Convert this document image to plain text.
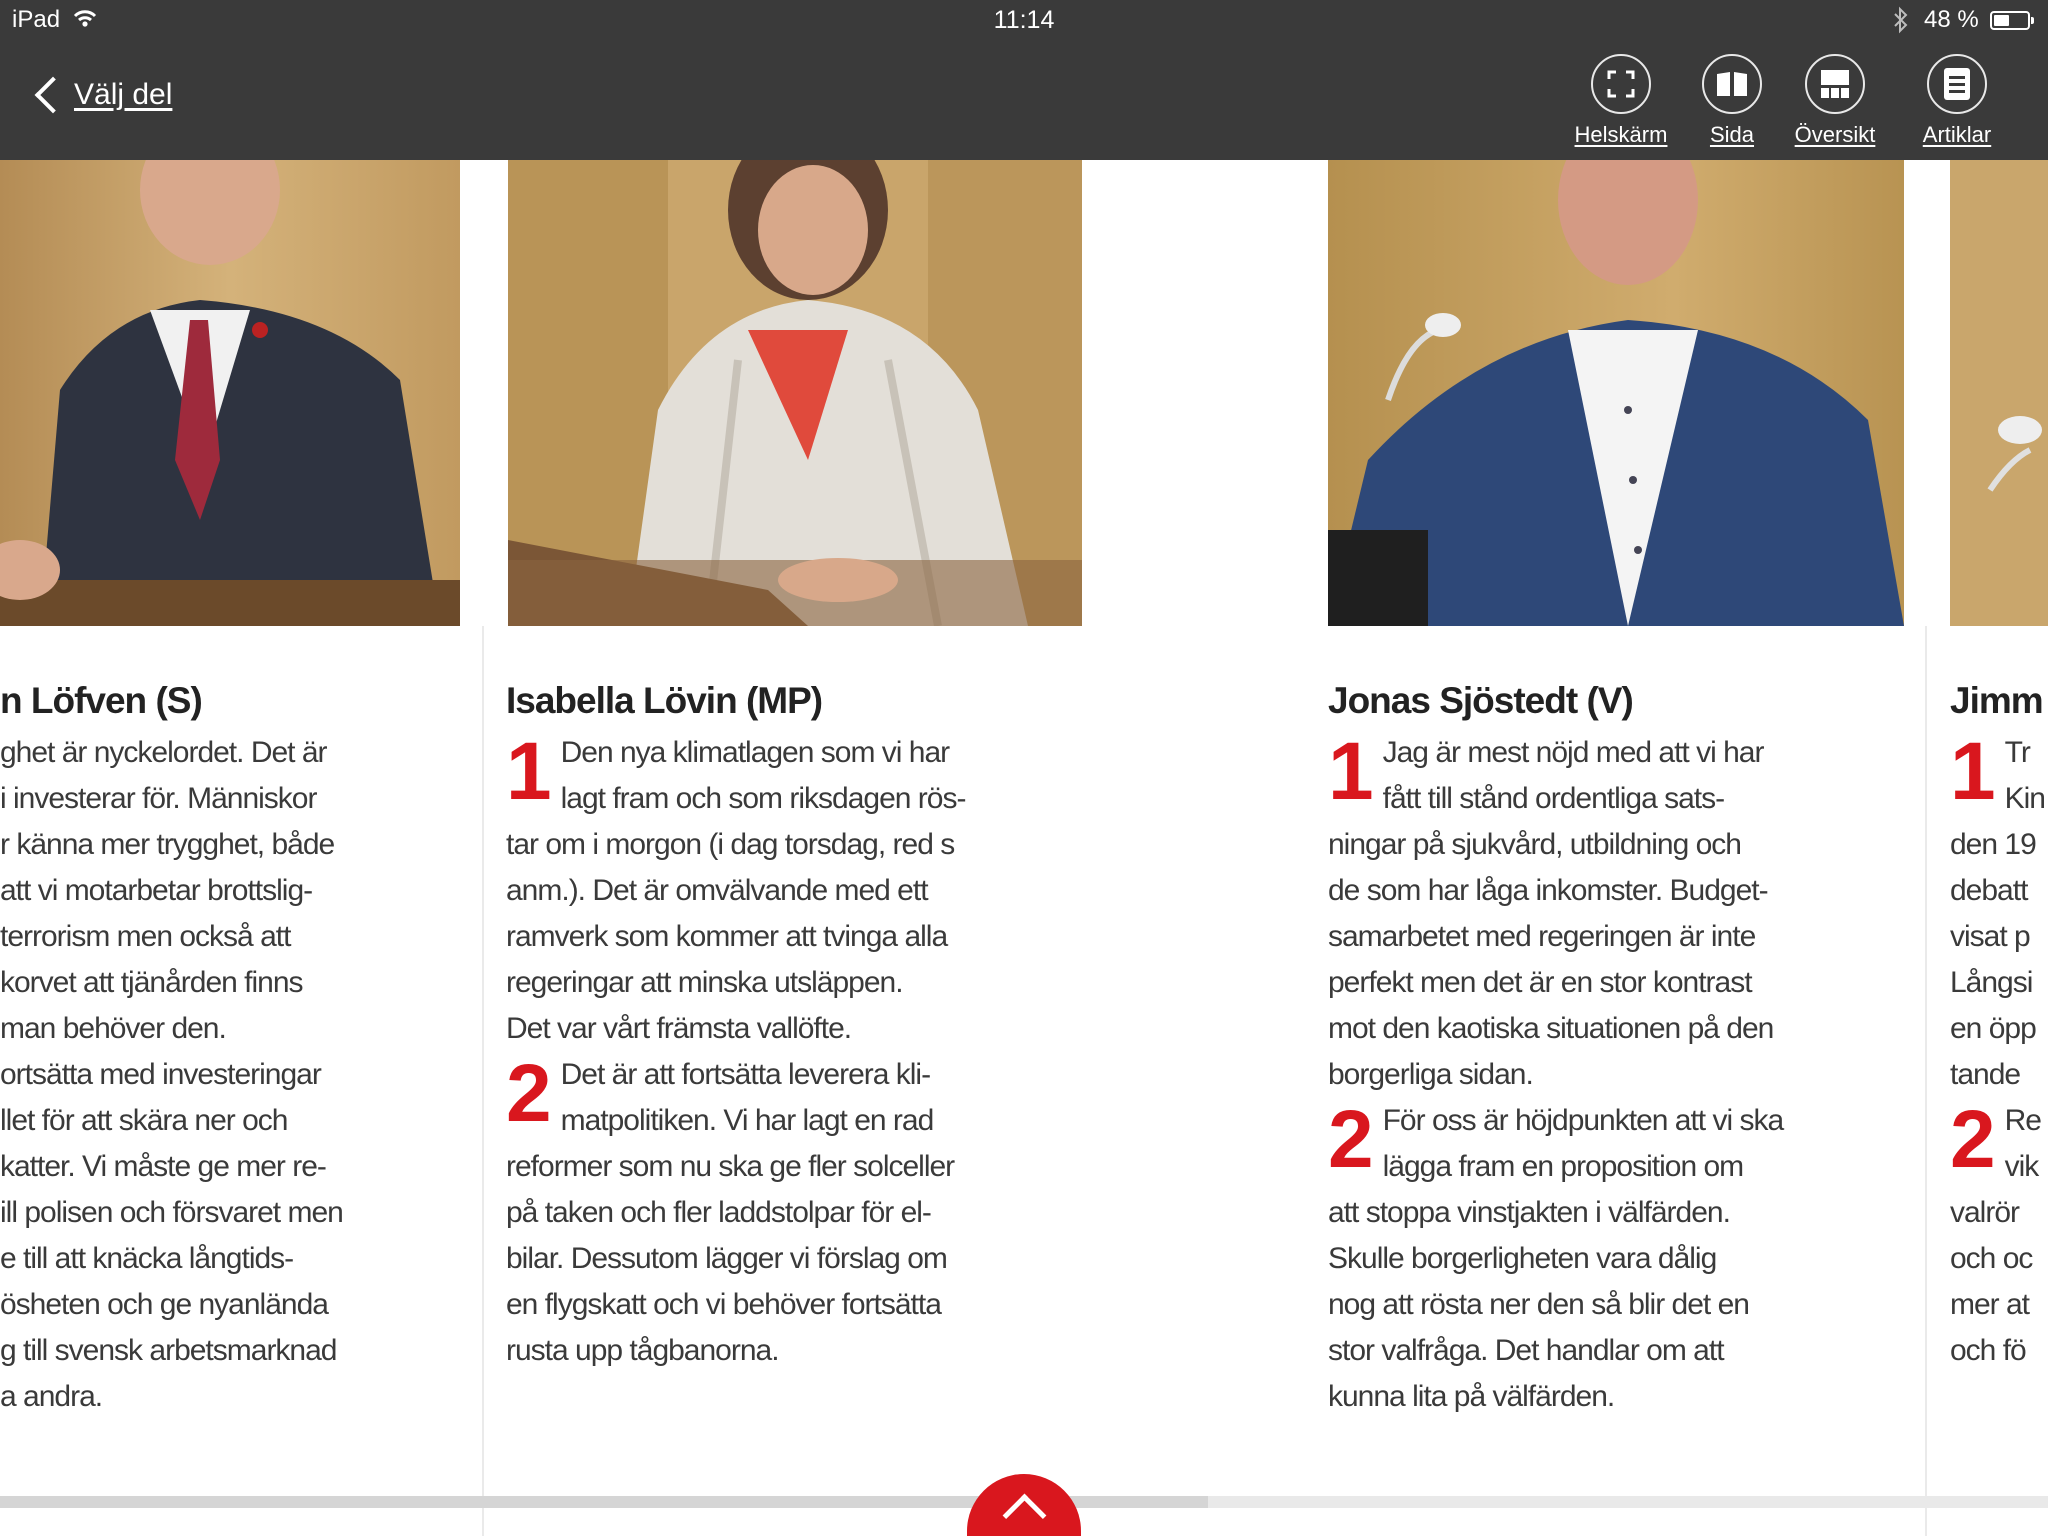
iPad	11:14	48 %
Välj del
Helskärm	Sida	Översikt	Artiklar
n Löfven (S)

ghet är nyckelordet. Det är

i investerar för. Människor

r känna mer trygghet, både

att vi motarbetar brottslig-

terrorism men också att

korvet att tjänården finns

man behöver den.

ortsätta med investeringar

llet för att skära ner och

katter. Vi måste ge mer re-

ill polisen och försvaret men

e till att knäcka långtids-

ösheten och ge nyanlända

g till svensk arbetsmarknad

a andra.

Isabella Lövin (MP)
1 Den nya klimatlagen som vi har

lagt fram och som riksdagen rös-

tar om i morgon (i dag torsdag, red s

anm.). Det är omvälvande med ett

ramverk som kommer att tvinga alla

regeringar att minska utsläppen.

Det var vårt främsta vallöfte.

2 Det är att fortsätta leverera kli-

matpolitiken. Vi har lagt en rad

reformer som nu ska ge fler solceller

på taken och fler laddstolpar för el-

bilar. Dessutom lägger vi förslag om

en flygskatt och vi behöver fortsätta

rusta upp tågbanorna.

Jonas Sjöstedt (V)
1 Jag är mest nöjd med att vi har

fått till stånd ordentliga sats-

ningar på sjukvård, utbildning och

de som har låga inkomster. Budget-

samarbetet med regeringen är inte

perfekt men det är en stor kontrast

mot den kaotiska situationen på den

borgerliga sidan.

2 För oss är höjdpunkten att vi ska

lägga fram en proposition om

att stoppa vinstjakten i välfärden.

Skulle borgerligheten vara dålig

nog att rösta ner den så blir det en

stor valfråga. Det handlar om att

kunna lita på välfärden.

Jimm
1 Tr

Kin

den 19

debatt

visat p

Långsi

en öpp

tande

2 Re

vik

valrör

och oc

mer at

och fö
